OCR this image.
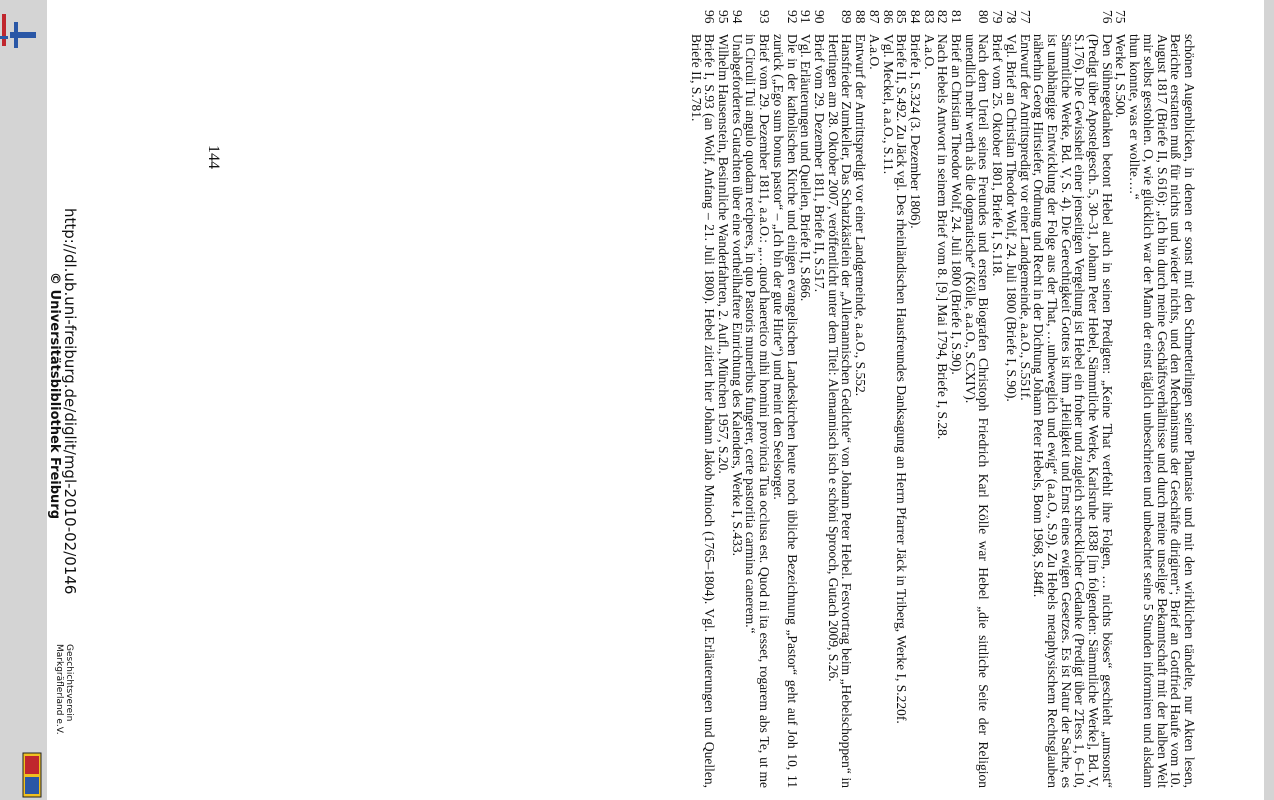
schönen Augenblicken, in denen er sonst mit den Schmetterlingen seiner Phantasie und mit den wirklichen tändelte, nur Akten lesen, Berichte erstatten muß für nichts und wieder nichts, und den Mechanismus der Geschäfte dirigiren“; Brief an Gottfried Haufe vom 10. August 1817 (Briefe II, S.616): „Ich bin durch meine Geschäftsverhältnisse und durch meine unselige Bekanntschaft mit der halben Welt mir selbst gestohlen. O, wie glücklich war der Mann der einst täglich unbeschrieen und unbeachtet seine 5 Stunden informiren und alsdann thun konnte, was er wollte….“
75
Werke I, S.500.
76
Den Sühnegedanken betont Hebel auch in seinen Predigten: „Keine That verfehlt ihre Folgen, … nichts böses“ geschieht „umsonst“ (Predigt über Apostelgesch. 5, 30–31, Johann Peter Hebel, Sämmtliche Werke, Karlsruhe 1838 [im folgenden: Sämmtliche Werke], Bd. V, S.176). Die Gewissheit einer jenseitigen Vergeltung ist Hebel ein froher und zugleich schrecklicher Gedanke (Predigt über 2Tess 1, 6–10, Sämmtliche Werke, Bd. V, S. 4). Die Gerechtigkeit Gottes ist ihm „Heiligkeit und Ernst eines ewigen Gesetzes. Es ist Natur der Sache, es ist unabhängige Entwicklung der Folge aus der That, …unbeweglich und ewig“ (a.a.O., S.9). Zu Hebels metaphysischem Rechtsglauben näherhin Georg Hirtsiefer, Ordnung und Recht in der Dichtung Johann Peter Hebels, Bonn 1968, S.84ff.
77
Entwurf der Antrittspredigt vor einer Landgemeinde, a.a.O., S.551f.
78
Vgl. Brief an Christian Theodor Wolf, 24. Juli 1800 (Briefe I, S.90).
79
Brief vom 25. Oktober 1801, Briefe I, S.118.
80
Nach dem Urteil seines Freundes und ersten Biografen Christoph Friedrich Karl Kölle war Hebel „die sittliche Seite der Religion unendlich mehr werth als die dogmatische“ (Kölle, a.a.O., S.CXIV).
81
Brief an Christian Theodor Wolf, 24. Juli 1800 (Briefe I, S.90).
82
Nach Hebels Antwort in seinem Brief vom 8. [9.] Mai 1794, Briefe I, S.28.
83
A.a.O.
84
Briefe I, S.324 (3. Dezember 1806).
85
Briefe II, S.492. Zu Jäck vgl. Des rheinländischen Hausfreundes Danksagung an Herrn Pfarrer Jäck in Triberg, Werke I, S.220f.
86
Vgl. Meckel, a.a.O., S.11.
87
A.a.O.
88
Entwurf der Antrittspredigt vor einer Landgemeinde, a.a.O., S.552.
89
Hansfrieder Zumkeller, Das Schatzkästlein der „Allemannischen Gedichte“ von Johann Peter Hebel. Festvortrag beim „Hebelschoppen“ in Hertingen am 28. Oktober 2007, veröffentlicht unter dem Titel: Alemannisch isch e schöni Sprooch, Gutach 2009, S.26.
90
Brief vom 29. Dezember 1811, Briefe II, S.517.
91
Vgl. Erläuterungen und Quellen, Briefe II, S.866.
92
Die in der katholischen Kirche und einigen evangelischen Landeskirchen heute noch übliche Bezeichnung „Pastor“ geht auf Joh 10, 11 zurück („Ego sum bonus pastor“ – „Ich bin der gute Hirte“) und meint den Seelsorger.
93
Brief vom 29. Dezember 1811, a.a.O.: „…quod haeretico mihi homini provincia Tua occlusa est. Quod ni ita esset, rogarem abs Te, ut me in Circuli Tui angulo quodam reciperes, in quo Pastoris muneribus fungerer, certe pastoritia carmina canerem.“
94
Unabgefordertes Gutachten über eine vortheilhaftere Einrichtung des Kalenders, Werke I, S.433.
95
Wilhelm Hausenstein, Besinnliche Wanderfahrten, 2. Aufl., München 1957, S.20.
96
Briefe I, S.93 (an Wolf, Anfang – 21. Juli 1800). Hebel zitiert hier Johann Jakob Mnioch (1765–1804). Vgl. Erläuterungen und Quellen, Briefe II, S.781.
144
http://dl.ub.uni-freiburg.de/diglit/mgl-2010-02/0146
© Universitätsbibliothek Freiburg
Geschichtsverein
Markgräflerland e.V.
